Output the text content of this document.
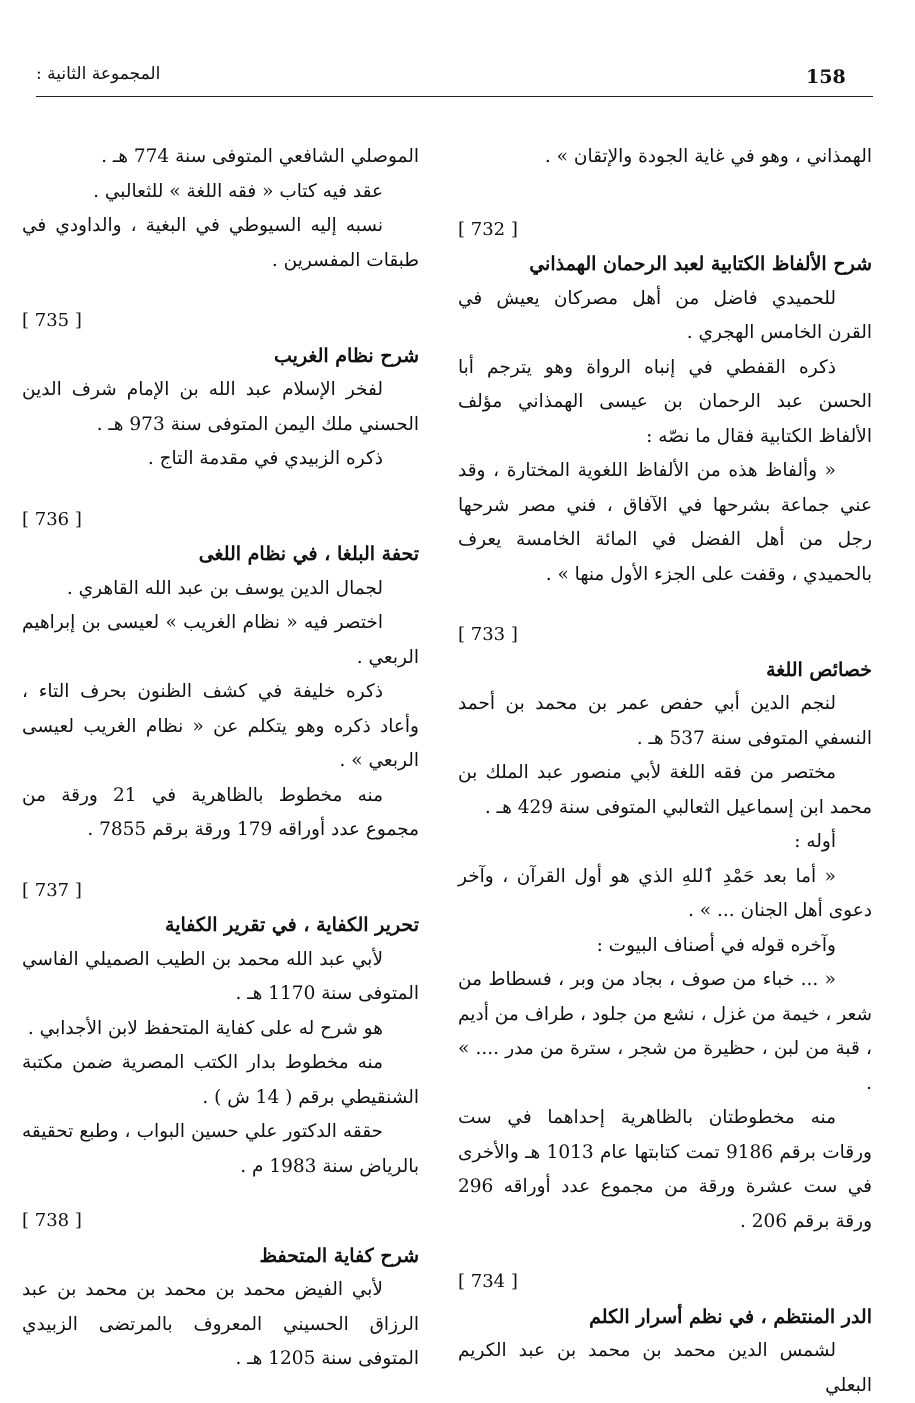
158
المجموعة الثانية :

الهمذاني ، وهو في غاية الجودة والإتقان » .

[ 732 ]

شرح الألفاظ الكتابية لعبد الرحمان الهمذاني

للحميدي فاضل من أهل مصركان يعيش في القرن الخامس الهجري .

ذكره القفطي في إنباه الرواة وهو يترجم أبا الحسن عبد الرحمان بن عيسى الهمذاني مؤلف الألفاظ الكتابية فقال ما نصّه :

« وألفاظ هذه من الألفاظ اللغوية المختارة ، وقد عني جماعة بشرحها في الآفاق ، فني مصر شرحها رجل من أهل الفضل في المائة الخامسة يعرف بالحميدي ، وقفت على الجزء الأول منها » .

[ 733 ]

خصائص اللغة

لنجم الدين أبي حفص عمر بن محمد بن أحمد النسفي المتوفى سنة 537 هـ .

مختصر من فقه اللغة لأبي منصور عبد الملك بن محمد ابن إسماعيل الثعالبي المتوفى سنة 429 هـ .

أوله :

« أما بعد حَمْدِ ٱللهِ الذي هو أول القرآن ، وآخر دعوى أهل الجنان ... » .

وآخره قوله في أصناف البيوت :

« ... خباء من صوف ، بجاد من وبر ، فسطاط من شعر ، خيمة من غزل ، نشع من جلود ، طراف من أديم ، قبة من لبن ، حظيرة من شجر ، سترة من مدر .... » .

منه مخطوطتان بالظاهرية إحداهما في ست ورقات برقم 9186 تمت كتابتها عام 1013 هـ والأخرى في ست عشرة ورقة من مجموع عدد أوراقه 296 ورقة برقم 206 .

[ 734 ]

الدر المنتظم ، في نظم أسرار الكلم

لشمس الدين محمد بن محمد بن عبد الكريم البعلي

الموصلي الشافعي المتوفى سنة 774 هـ .

عقد فيه كتاب « فقه اللغة » للثعالبي .

نسبه إليه السيوطي في البغية ، والداودي في طبقات المفسرين .

[ 735 ]

شرح نظام الغريب

لفخر الإسلام عبد الله بن الإمام شرف الدين الحسني ملك اليمن المتوفى سنة 973 هـ .

ذكره الزبيدي في مقدمة التاج .

[ 736 ]

تحفة البلغا ، في نظام اللغى

لجمال الدين يوسف بن عبد الله القاهري .

اختصر فيه « نظام الغريب » لعيسى بن إبراهيم الربعي .

ذكره خليفة في كشف الظنون بحرف التاء ، وأعاد ذكره وهو يتكلم عن « نظام الغريب لعيسى الربعي » .

منه مخطوط بالظاهرية في 21 ورقة من مجموع عدد أوراقه 179 ورقة برقم 7855 .

[ 737 ]

تحرير الكفاية ، في تقرير الكفاية

لأبي عبد الله محمد بن الطيب الصميلي الفاسي المتوفى سنة 1170 هـ .

هو شرح له على كفاية المتحفظ لابن الأجدابي .

منه مخطوط بدار الكتب المصرية ضمن مكتبة الشنقيطي برقم ( 14 ش ) .

حققه الدكتور علي حسين البواب ، وطبع تحقيقه بالرياض سنة 1983 م .

[ 738 ]

شرح كفاية المتحفظ

لأبي الفيض محمد بن محمد بن محمد بن عبد الرزاق الحسيني المعروف بالمرتضى الزبيدي المتوفى سنة 1205 هـ .
